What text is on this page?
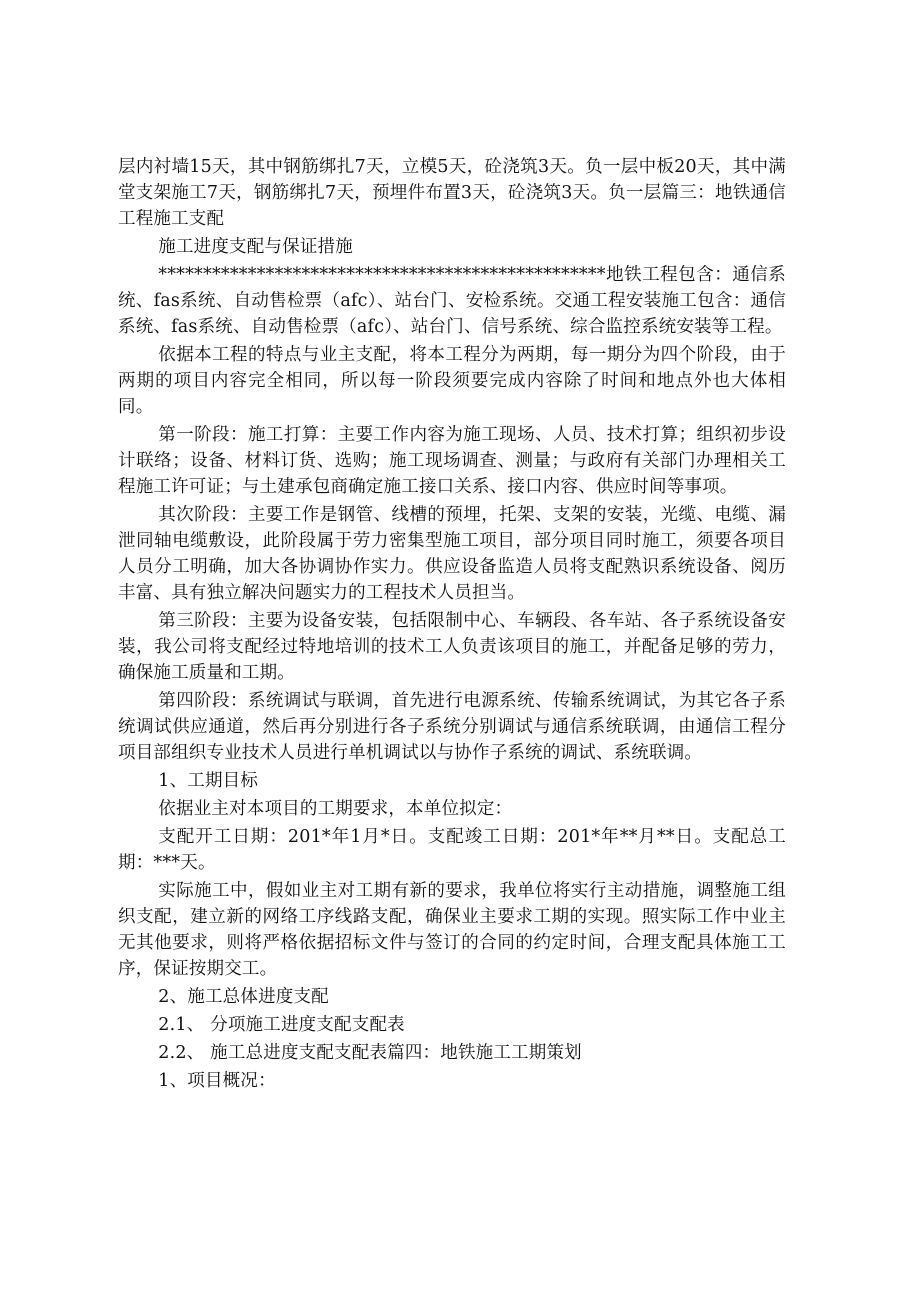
层内衬墙15天，其中钢筋绑扎7天，立模5天，砼浇筑3天。负一层中板20天，其中满堂支架施工7天，钢筋绑扎7天，预埋件布置3天，砼浇筑3天。负一层篇三：地铁通信工程施工支配

施工进度支配与保证措施

**************************************************地铁工程包含：通信系统、fas系统、自动售检票（afc）、站台门、安检系统。交通工程安装施工包含：通信系统、fas系统、自动售检票（afc）、站台门、信号系统、综合监控系统安装等工程。

依据本工程的特点与业主支配，将本工程分为两期，每一期分为四个阶段，由于两期的项目内容完全相同，所以每一阶段须要完成内容除了时间和地点外也大体相同。

第一阶段：施工打算：主要工作内容为施工现场、人员、技术打算；组织初步设计联络；设备、材料订货、选购；施工现场调查、测量；与政府有关部门办理相关工程施工许可证；与土建承包商确定施工接口关系、接口内容、供应时间等事项。

其次阶段：主要工作是钢管、线槽的预埋，托架、支架的安装，光缆、电缆、漏泄同轴电缆敷设，此阶段属于劳力密集型施工项目，部分项目同时施工，须要各项目人员分工明确，加大各协调协作实力。供应设备监造人员将支配熟识系统设备、阅历丰富、具有独立解决问题实力的工程技术人员担当。

第三阶段：主要为设备安装，包括限制中心、车辆段、各车站、各子系统设备安装，我公司将支配经过特地培训的技术工人负责该项目的施工，并配备足够的劳力，确保施工质量和工期。

第四阶段：系统调试与联调，首先进行电源系统、传输系统调试，为其它各子系统调试供应通道，然后再分别进行各子系统分别调试与通信系统联调，由通信工程分项目部组织专业技术人员进行单机调试以与协作子系统的调试、系统联调。

1、工期目标

依据业主对本项目的工期要求，本单位拟定：

支配开工日期：201*年1月*日。支配竣工日期：201*年**月**日。支配总工期：***天。

实际施工中，假如业主对工期有新的要求，我单位将实行主动措施，调整施工组织支配，建立新的网络工序线路支配，确保业主要求工期的实现。照实际工作中业主无其他要求，则将严格依据招标文件与签订的合同的约定时间，合理支配具体施工工序，保证按期交工。

2、施工总体进度支配

2.1、 分项施工进度支配支配表

2.2、 施工总进度支配支配表篇四：地铁施工工期策划

1、项目概况：
